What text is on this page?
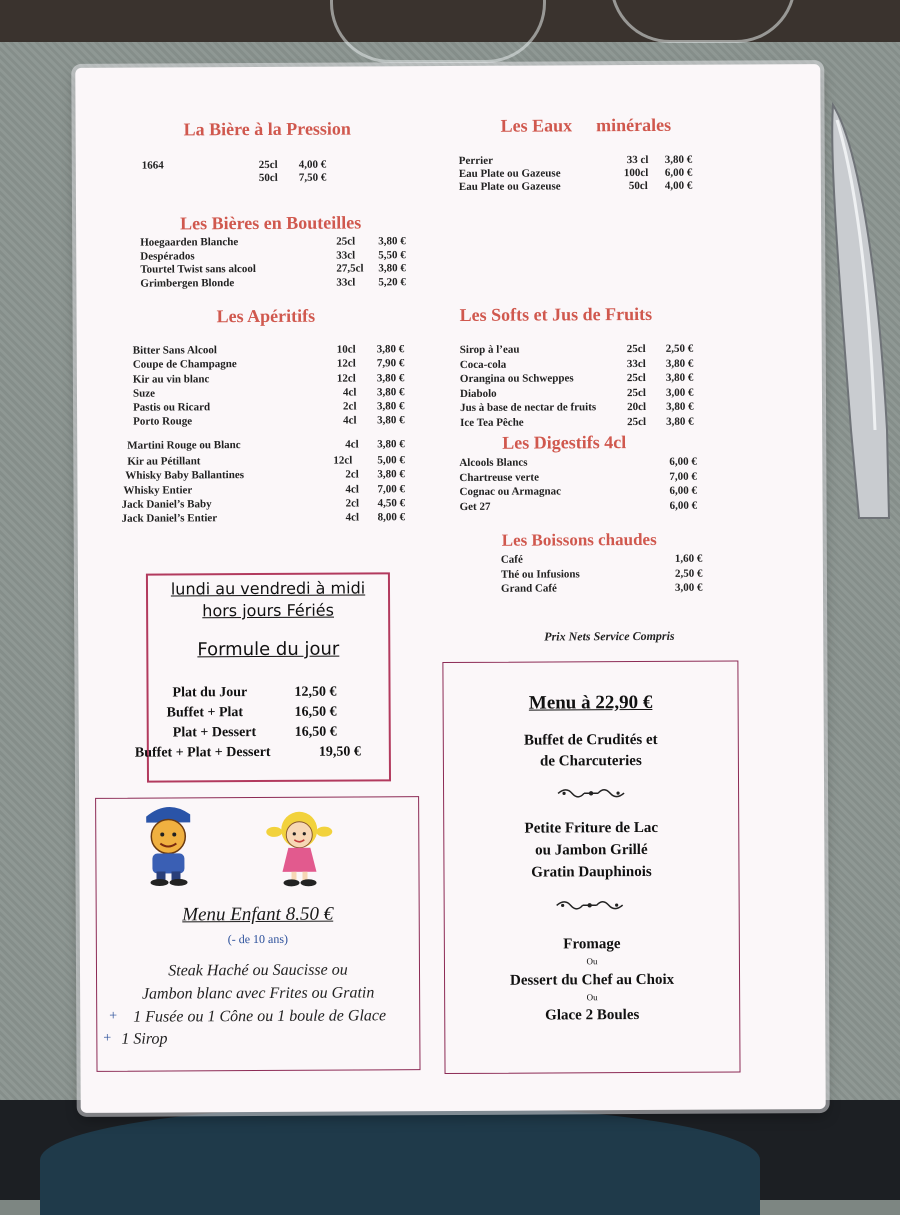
La Bière à la Pression
1664	25cl 4,00 €
50cl 7,50 €
Les Eaux minérales
Perrier	33 cl 3,80 €
Eau Plate ou Gazeuse	100cl 6,00 €
Eau Plate ou Gazeuse	50cl 4,00 €
Les Bières en Bouteilles
Hoegaarden Blanche	25cl 3,80 €
Despérados	33cl 5,50 €
Tourtel Twist sans alcool	27,5cl 3,80 €
Grimbergen Blonde	33cl 5,20 €
Les Apéritifs
Bitter Sans Alcool	10cl 3,80 €
Coupe de Champagne	12cl 7,90 €
Kir au vin blanc	12cl 3,80 €
Suze	4cl 3,80 €
Pastis ou Ricard	2cl 3,80 €
Porto Rouge	4cl 3,80 €
Martini Rouge ou Blanc	4cl 3,80 €
Kir au Pétillant	12cl 5,00 €
Whisky Baby Ballantines	2cl 3,80 €
Whisky Entier	4cl 7,00 €
Jack Daniel’s Baby	2cl 4,50 €
Jack Daniel’s Entier	4cl 8,00 €
Les Softs et Jus de Fruits
Sirop à l’eau	25cl 2,50 €
Coca-cola	33cl 3,80 €
Orangina ou Schweppes	25cl 3,80 €
Diabolo	25cl 3,00 €
Jus à base de nectar de fruits	20cl 3,80 €
Ice Tea Pêche	25cl 3,80 €
Les Digestifs 4cl
Alcools Blancs	6,00 €
Chartreuse verte	7,00 €
Cognac ou Armagnac	6,00 €
Get 27	6,00 €
Les Boissons chaudes
Café	1,60 €
Thé ou Infusions	2,50 €
Grand Café	3,00 €
Prix Nets Service Compris
lundi au vendredi à midi
hors jours Fériés
Formule du jour
Plat du Jour	12,50 €
Buffet + Plat	16,50 €
Plat + Dessert	16,50 €
Buffet + Plat + Dessert	19,50 €
Menu Enfant 8.50 €
(- de 10 ans)
Steak Haché ou Saucisse ou
Jambon blanc avec Frites ou Gratin
+ 1 Fusée ou 1 Cône ou 1 boule de Glace
+ 1 Sirop
Menu à 22,90 €
Buffet de Crudités et
de Charcuteries
Petite Friture de Lac
ou Jambon Grillé
Gratin Dauphinois
Fromage
Ou
Dessert du Chef au Choix
Ou
Glace 2 Boules
